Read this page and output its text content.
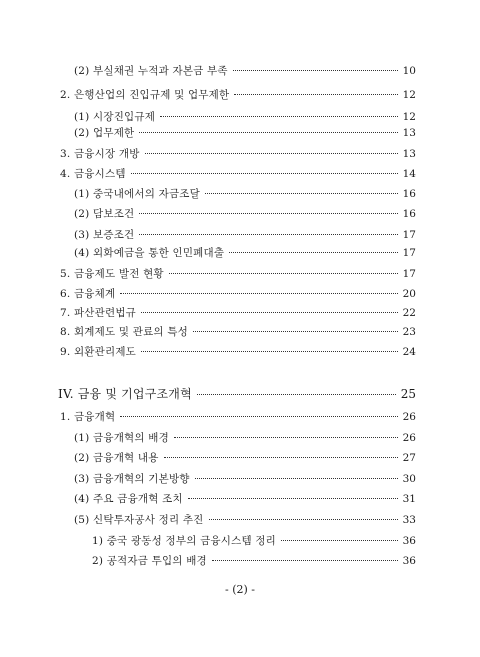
(2) 부실채권 누적과 자본금 부족	10
2. 은행산업의 진입규제 및 업무제한	12
(1) 시장진입규제	12
(2) 업무제한	13
3. 금융시장 개방	13
4. 금융시스템	14
(1) 중국내에서의 자금조달	16
(2) 담보조건	16
(3) 보증조건	17
(4) 외화예금을 통한 인민폐대출	17
5. 금융제도 발전 현황	17
6. 금융체계	20
7. 파산관련법규	22
8. 회계제도 및 관료의 특성	23
9. 외환관리제도	24
IV. 금융 및 기업구조개혁	25
1. 금융개혁	26
(1) 금융개혁의 배경	26
(2) 금융개혁 내용	27
(3) 금융개혁의 기본방향	30
(4) 주요 금융개혁 조치	31
(5) 신탁투자공사 정리 추진	33
1) 중국 광동성 정부의 금융시스템 정리	36
2) 공적자금 투입의 배경	36
- (2) -
